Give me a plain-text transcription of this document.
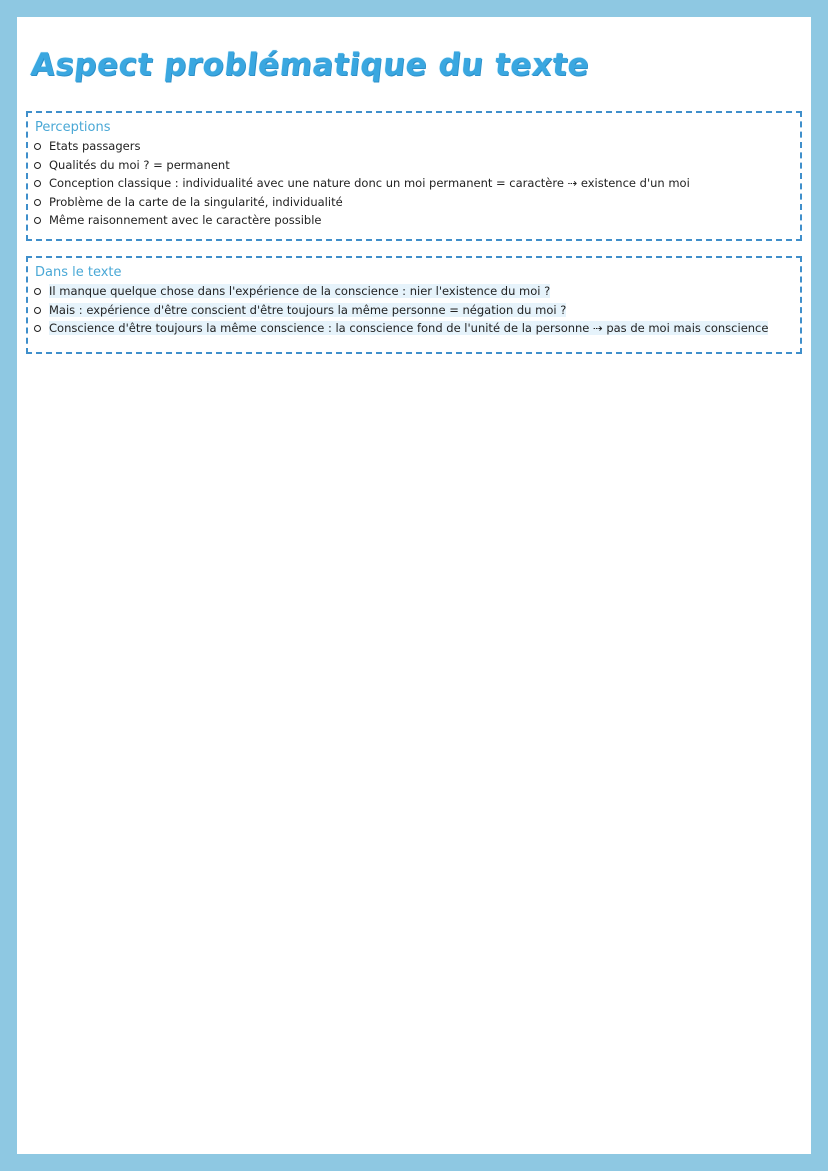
Aspect problématique du texte
Perceptions
Etats passagers
Qualités du moi ? = permanent
Conception classique : individualité avec une nature donc un moi permanent = caractère ⇢ existence d'un moi
Problème de la carte de la singularité, individualité
Même raisonnement avec le caractère possible
Dans le texte
Il manque quelque chose dans l'expérience de la conscience : nier l'existence du moi ?
Mais : expérience d'être conscient d'être toujours la même personne = négation du moi ?
Conscience d'être toujours la même conscience : la conscience fond de l'unité de la personne ⇢ pas de moi mais conscience
